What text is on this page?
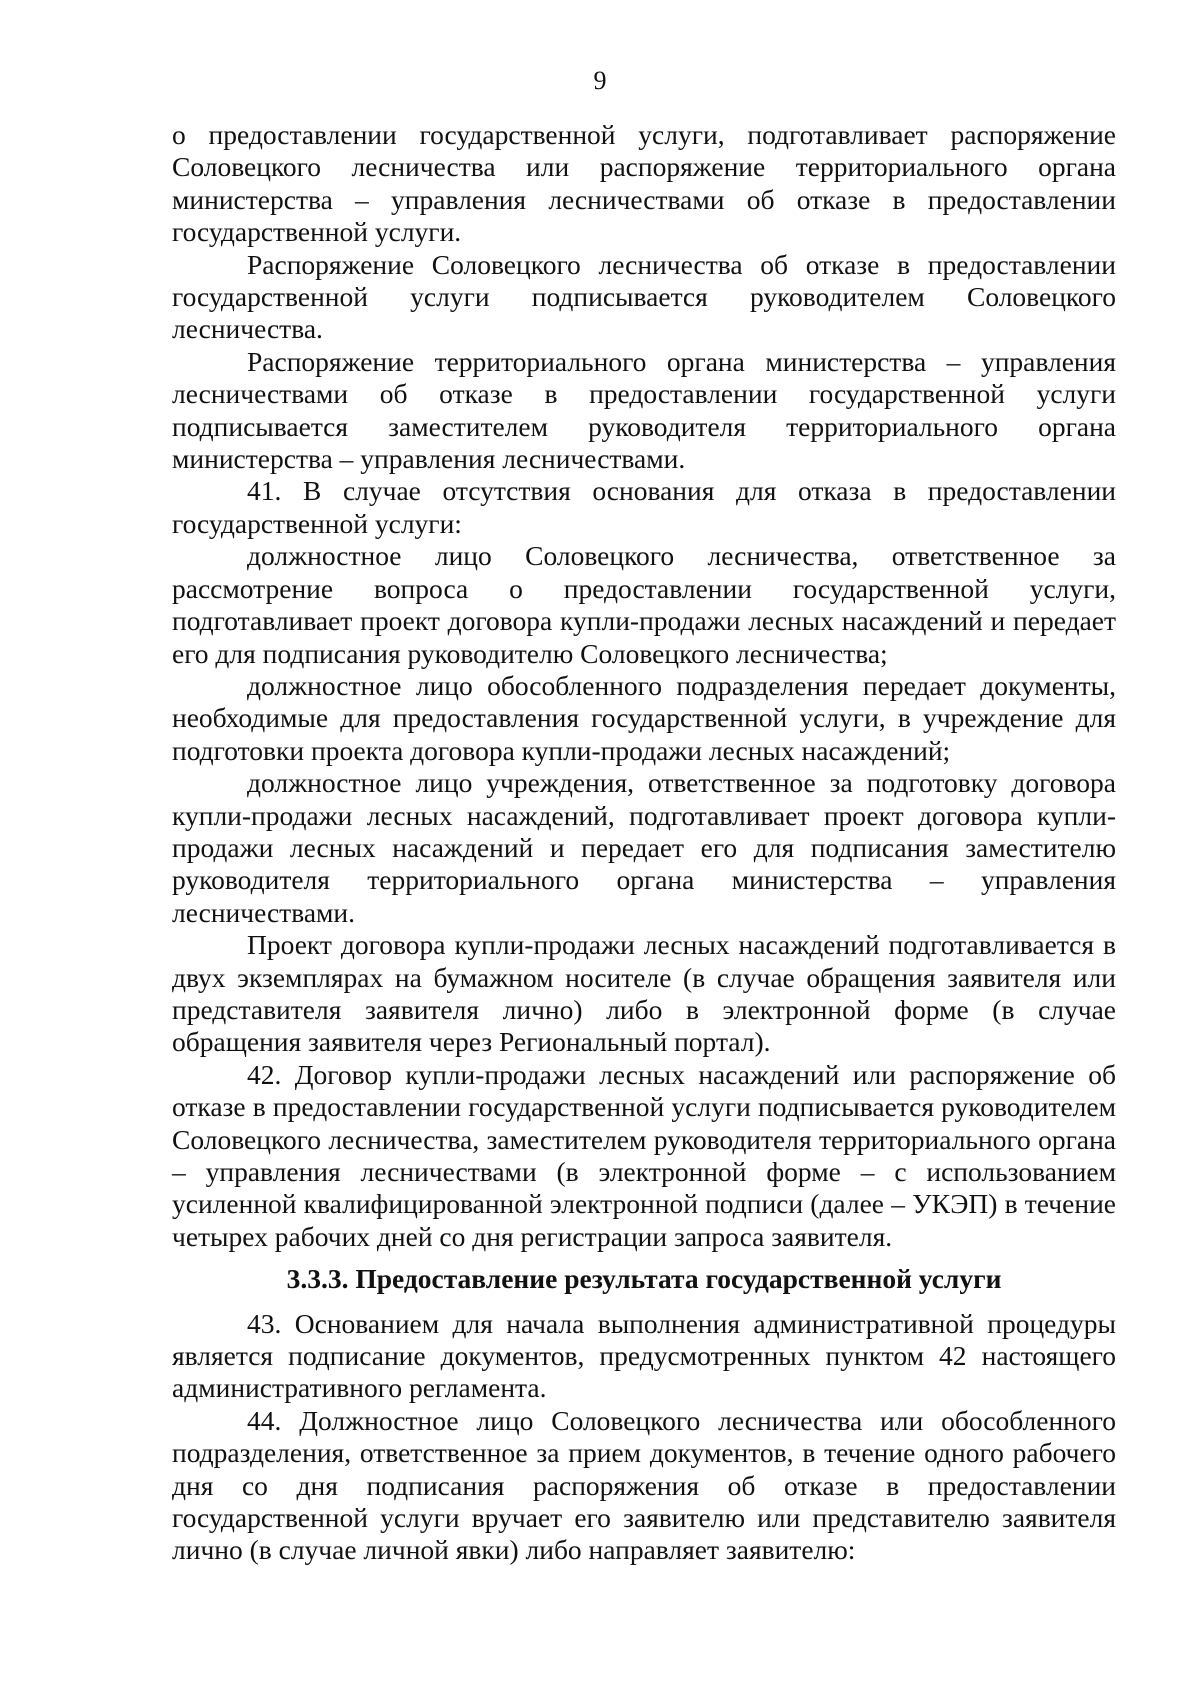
9

о предоставлении государственной услуги, подготавливает распоряжение Соловецкого лесничества или распоряжение территориального органа министерства – управления лесничествами об отказе в предоставлении государственной услуги.

Распоряжение Соловецкого лесничества об отказе в предоставлении государственной услуги подписывается руководителем Соловецкого лесничества.

Распоряжение территориального органа министерства – управления лесничествами об отказе в предоставлении государственной услуги подписывается заместителем руководителя территориального органа министерства – управления лесничествами.

41. В случае отсутствия основания для отказа в предоставлении государственной услуги:

должностное лицо Соловецкого лесничества, ответственное за рассмотрение вопроса о предоставлении государственной услуги, подготавливает проект договора купли-продажи лесных насаждений и передает его для подписания руководителю Соловецкого лесничества;

должностное лицо обособленного подразделения передает документы, необходимые для предоставления государственной услуги, в учреждение для подготовки проекта договора купли-продажи лесных насаждений;

должностное лицо учреждения, ответственное за подготовку договора купли-продажи лесных насаждений, подготавливает проект договора купли-продажи лесных насаждений и передает его для подписания заместителю руководителя территориального органа министерства – управления лесничествами.

Проект договора купли-продажи лесных насаждений подготавливается в двух экземплярах на бумажном носителе (в случае обращения заявителя или представителя заявителя лично) либо в электронной форме (в случае обращения заявителя через Региональный портал).

42. Договор купли-продажи лесных насаждений или распоряжение об отказе в предоставлении государственной услуги подписывается руководителем Соловецкого лесничества, заместителем руководителя территориального органа – управления лесничествами (в электронной форме – с использованием усиленной квалифицированной электронной подписи (далее – УКЭП) в течение четырех рабочих дней со дня регистрации запроса заявителя.

3.3.3. Предоставление результата государственной услуги

43. Основанием для начала выполнения административной процедуры является подписание документов, предусмотренных пунктом 42 настоящего административного регламента.

44. Должностное лицо Соловецкого лесничества или обособленного подразделения, ответственное за прием документов, в течение одного рабочего дня со дня подписания распоряжения об отказе в предоставлении государственной услуги вручает его заявителю или представителю заявителя лично (в случае личной явки) либо направляет заявителю:
